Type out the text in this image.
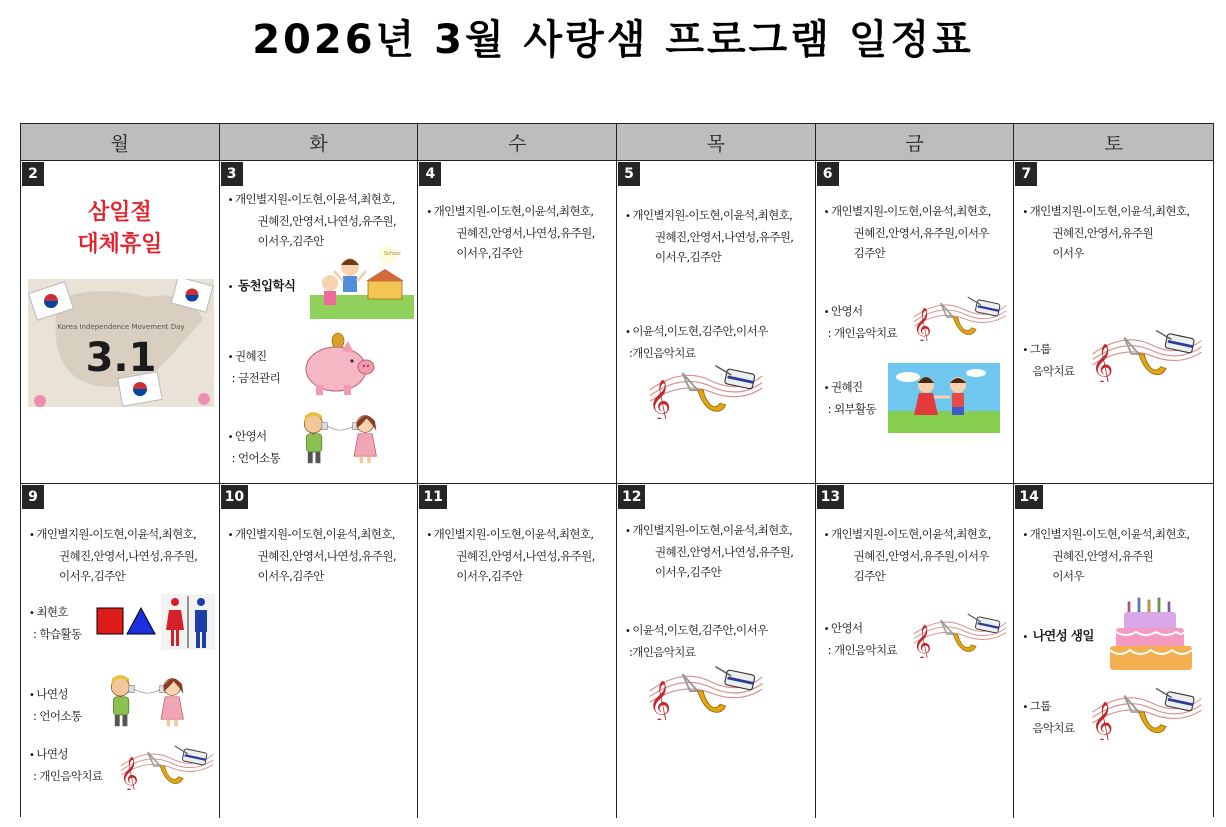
2026년 3월 사랑샘 프로그램 일정표
월	화	수	목	금	토
2
삼일절
대체휴일
Korea Independence Movement Day
3.1
3
• 개인별지원-이도현,이윤석,최현호,
권혜진,안영서,나연성,유주원,
이서우,김주안
• 동천입학식
School
• 권혜진
: 금전관리
• 안영서
: 언어소통
4
• 개인별지원-이도현,이윤석,최현호,
권혜진,안영서,나연성,유주원,
이서우,김주안
5
• 개인별지원-이도현,이윤석,최현호,
권혜진,안영서,나연성,유주원,
이서우,김주안
• 이윤석,이도현,김주안,이서우
:개인음악치료
6
• 개인별지원-이도현,이윤석,최현호,
권혜진,안영서,유주원,이서우
김주안
• 안영서
: 개인음악치료
• 권혜진
: 외부활동
7
• 개인별지원-이도현,이윤석,최현호,
권혜진,안영서,유주원
이서우
• 그룹
음악치료
9
• 개인별지원-이도현,이윤석,최현호,
권혜진,안영서,나연성,유주원,
이서우,김주안
• 최현호
: 학습활동
• 나연성
: 언어소통
• 나연성
: 개인음악치료
10
• 개인별지원-이도현,이윤석,최현호,
권혜진,안영서,나연성,유주원,
이서우,김주안
11
• 개인별지원-이도현,이윤석,최현호,
권혜진,안영서,나연성,유주원,
이서우,김주안
12
• 개인별지원-이도현,이윤석,최현호,
권혜진,안영서,나연성,유주원,
이서우,김주안
• 이윤석,이도현,김주안,이서우
:개인음악치료
13
• 개인별지원-이도현,이윤석,최현호,
권혜진,안영서,유주원,이서우
김주안
• 안영서
: 개인음악치료
14
• 개인별지원-이도현,이윤석,최현호,
권혜진,안영서,유주원
이서우
• 나연성 생일
• 그룹
음악치료
